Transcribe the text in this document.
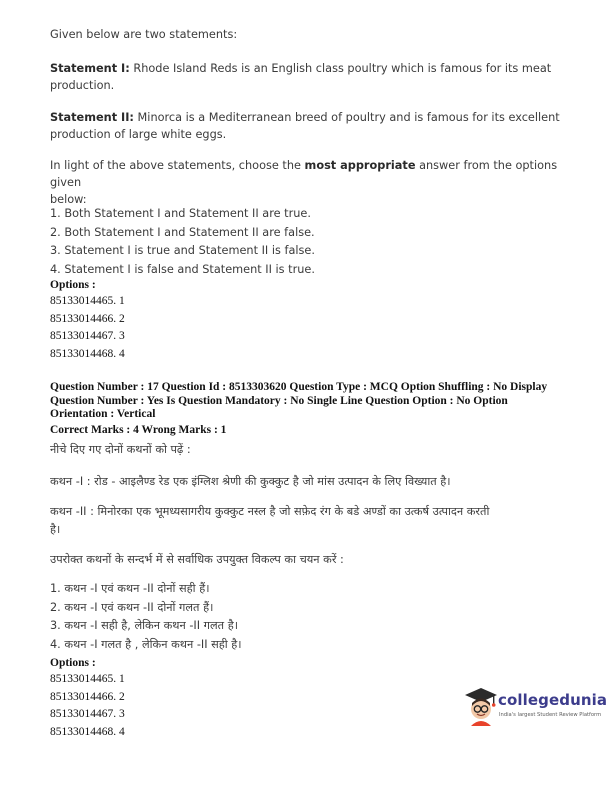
Given below are two statements:
Statement I: Rhode Island Reds is an English class poultry which is famous for its meat
production.
Statement II: Minorca is a Mediterranean breed of poultry and is famous for its excellent
production of large white eggs.
In light of the above statements, choose the most appropriate answer from the options given
below:
1. Both Statement I and Statement II are true.
2. Both Statement I and Statement II are false.
3. Statement I is true and Statement II is false.
4. Statement I is false and Statement II is true.
Options :
85133014465. 1
85133014466. 2
85133014467. 3
85133014468. 4
Question Number : 17 Question Id : 8513303620 Question Type : MCQ Option Shuffling : No Display
Question Number : Yes Is Question Mandatory : No Single Line Question Option : No Option
Orientation : Vertical
Correct Marks : 4 Wrong Marks : 1
नीचे दिए गए दोनों कथनों को पढ़ें :
कथन -I : रोड - आइलैण्ड रेड एक इंग्लिश श्रेणी की कुक्कुट है जो मांस उत्पादन के लिए विख्यात है।
कथन -II : मिनोरका एक भूमध्यसागरीय कुक्कुट नस्ल है जो सफ़ेद रंग के बडे अण्डों का उत्कर्ष उत्पादन करती
है।
उपरोक्त कथनों के सन्दर्भ में से सर्वाधिक उपयुक्त विकल्प का चयन करें :
1. कथन -I एवं कथन -II दोनों सही हैं।
2. कथन -I एवं कथन -II दोनों गलत हैं।
3. कथन -I सही है, लेकिन कथन -II गलत है।
4. कथन -I गलत है , लेकिन कथन -II सही है।
Options :
85133014465. 1
85133014466. 2
85133014467. 3
85133014468. 4
collegedunia
India's largest Student Review Platform
